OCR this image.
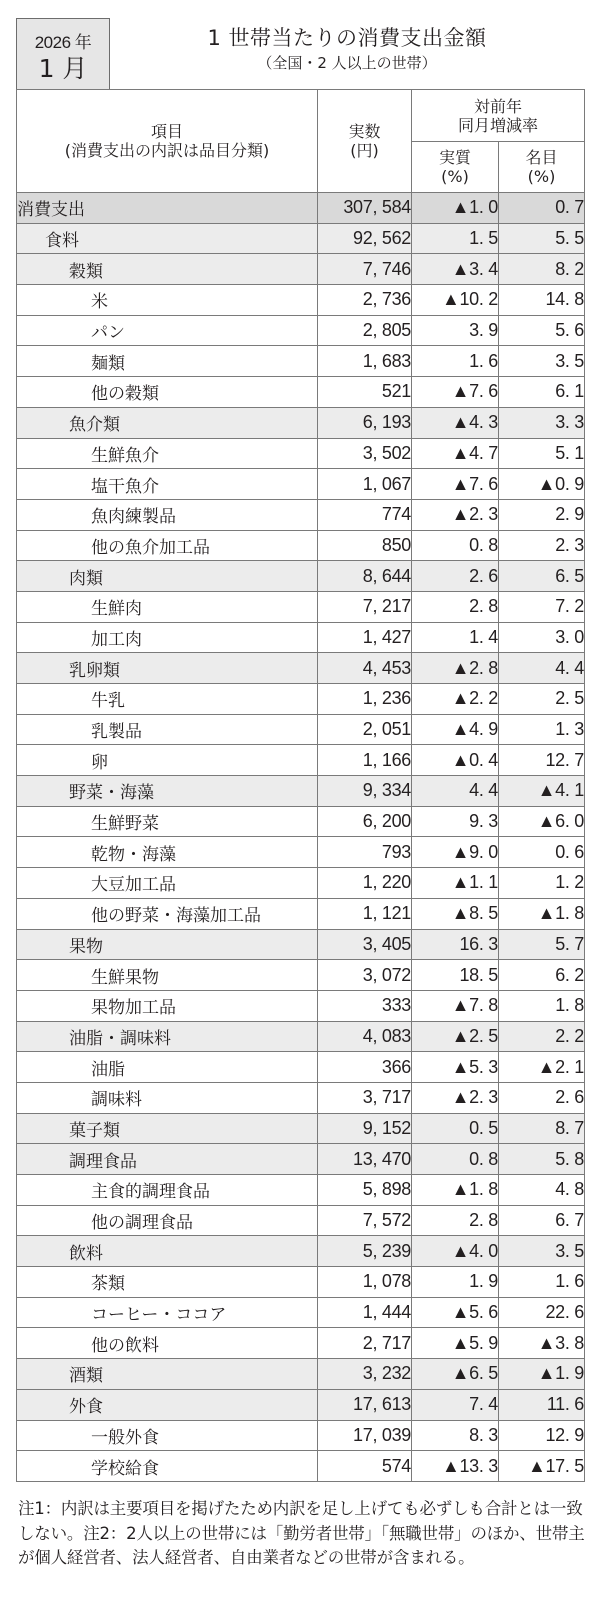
2026 年
1 月
1 世帯当たりの消費支出金額
（全国・2 人以上の世帯）
項目
(消費支出の内訳は品目分類)

実数
(円)

対前年
同月増減率

実質
(%)

名目
(%)

消費支出	307, 584	▲1. 0	0. 7
食料	92, 562	1. 5	5. 5
穀類	7, 746	▲3. 4	8. 2
米	2, 736	▲10. 2	14. 8
パン	2, 805	3. 9	5. 6
麺類	1, 683	1. 6	3. 5
他の穀類	521	▲7. 6	6. 1
魚介類	6, 193	▲4. 3	3. 3
生鮮魚介	3, 502	▲4. 7	5. 1
塩干魚介	1, 067	▲7. 6	▲0. 9
魚肉練製品	774	▲2. 3	2. 9
他の魚介加工品	850	0. 8	2. 3
肉類	8, 644	2. 6	6. 5
生鮮肉	7, 217	2. 8	7. 2
加工肉	1, 427	1. 4	3. 0
乳卵類	4, 453	▲2. 8	4. 4
牛乳	1, 236	▲2. 2	2. 5
乳製品	2, 051	▲4. 9	1. 3
卵	1, 166	▲0. 4	12. 7
野菜・海藻	9, 334	4. 4	▲4. 1
生鮮野菜	6, 200	9. 3	▲6. 0
乾物・海藻	793	▲9. 0	0. 6
大豆加工品	1, 220	▲1. 1	1. 2
他の野菜・海藻加工品	1, 121	▲8. 5	▲1. 8
果物	3, 405	16. 3	5. 7
生鮮果物	3, 072	18. 5	6. 2
果物加工品	333	▲7. 8	1. 8
油脂・調味料	4, 083	▲2. 5	2. 2
油脂	366	▲5. 3	▲2. 1
調味料	3, 717	▲2. 3	2. 6
菓子類	9, 152	0. 5	8. 7
調理食品	13, 470	0. 8	5. 8
主食的調理食品	5, 898	▲1. 8	4. 8
他の調理食品	7, 572	2. 8	6. 7
飲料	5, 239	▲4. 0	3. 5
茶類	1, 078	1. 9	1. 6
コーヒー・ココア	1, 444	▲5. 6	22. 6
他の飲料	2, 717	▲5. 9	▲3. 8
酒類	3, 232	▲6. 5	▲1. 9
外食	17, 613	7. 4	11. 6
一般外食	17, 039	8. 3	12. 9
学校給食	574	▲13. 3	▲17. 5
注1：内訳は主要項目を掲げたため内訳を足し上げても必ずしも合計とは一致しない。注2：2人以上の世帯には「勤労者世帯」「無職世帯」のほか、世帯主が個人経営者、法人経営者、自由業者などの世帯が含まれる。
